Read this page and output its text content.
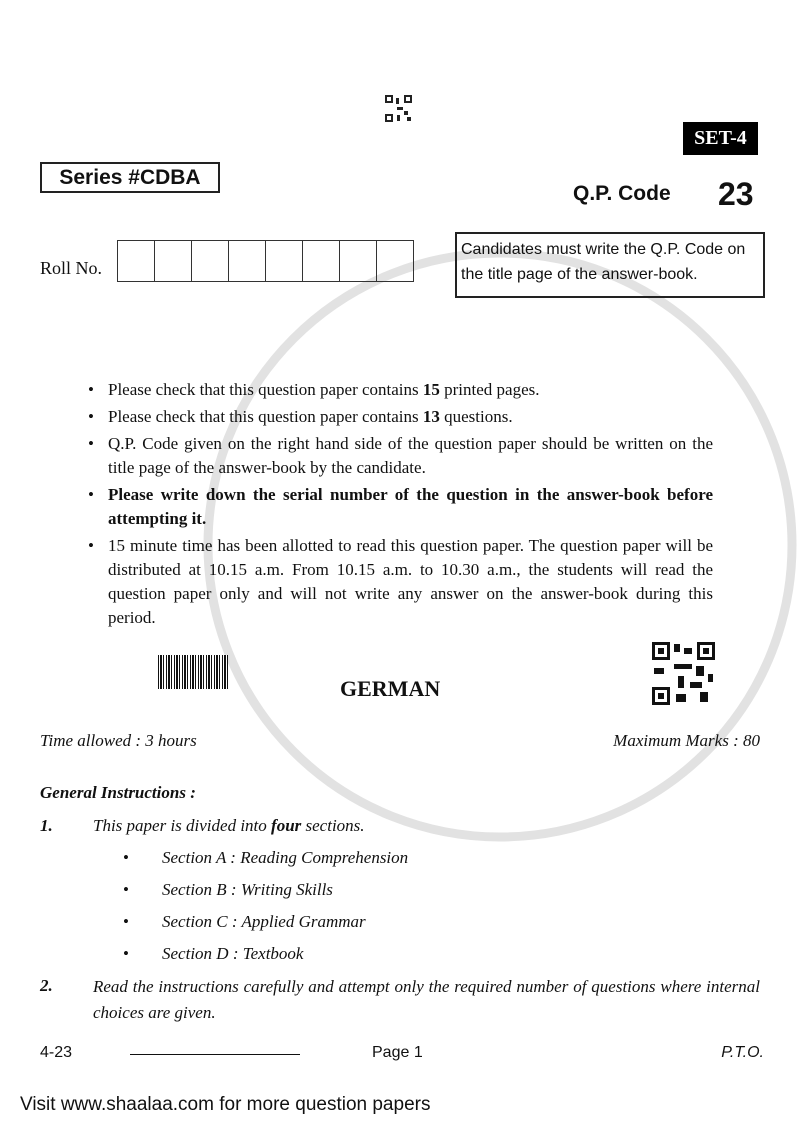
SET-4
Series #CDBA
Q.P. Code 23
Roll No.
Candidates must write the Q.P. Code on
the title page of the answer-book.
• Please check that this question paper contains 15 printed pages.
• Please check that this question paper contains 13 questions.
• Q.P. Code given on the right hand side of the question paper should be written on the title page of the answer-book by the candidate.
• Please write down the serial number of the question in the answer-book before attempting it.
• 15 minute time has been allotted to read this question paper. The question paper will be distributed at 10.15 a.m. From 10.15 a.m. to 10.30 a.m., the students will read the question paper only and will not write any answer on the answer-book during this period.
GERMAN
Time allowed : 3 hours	Maximum Marks : 80
General Instructions :
1.	This paper is divided into four sections.
•	Section A : Reading Comprehension
•	Section B : Writing Skills
•	Section C : Applied Grammar
•	Section D : Textbook
2.	Read the instructions carefully and attempt only the required number of questions where internal choices are given.
4-23	Page 1	P.T.O.
Visit www.shaalaa.com for more question papers
